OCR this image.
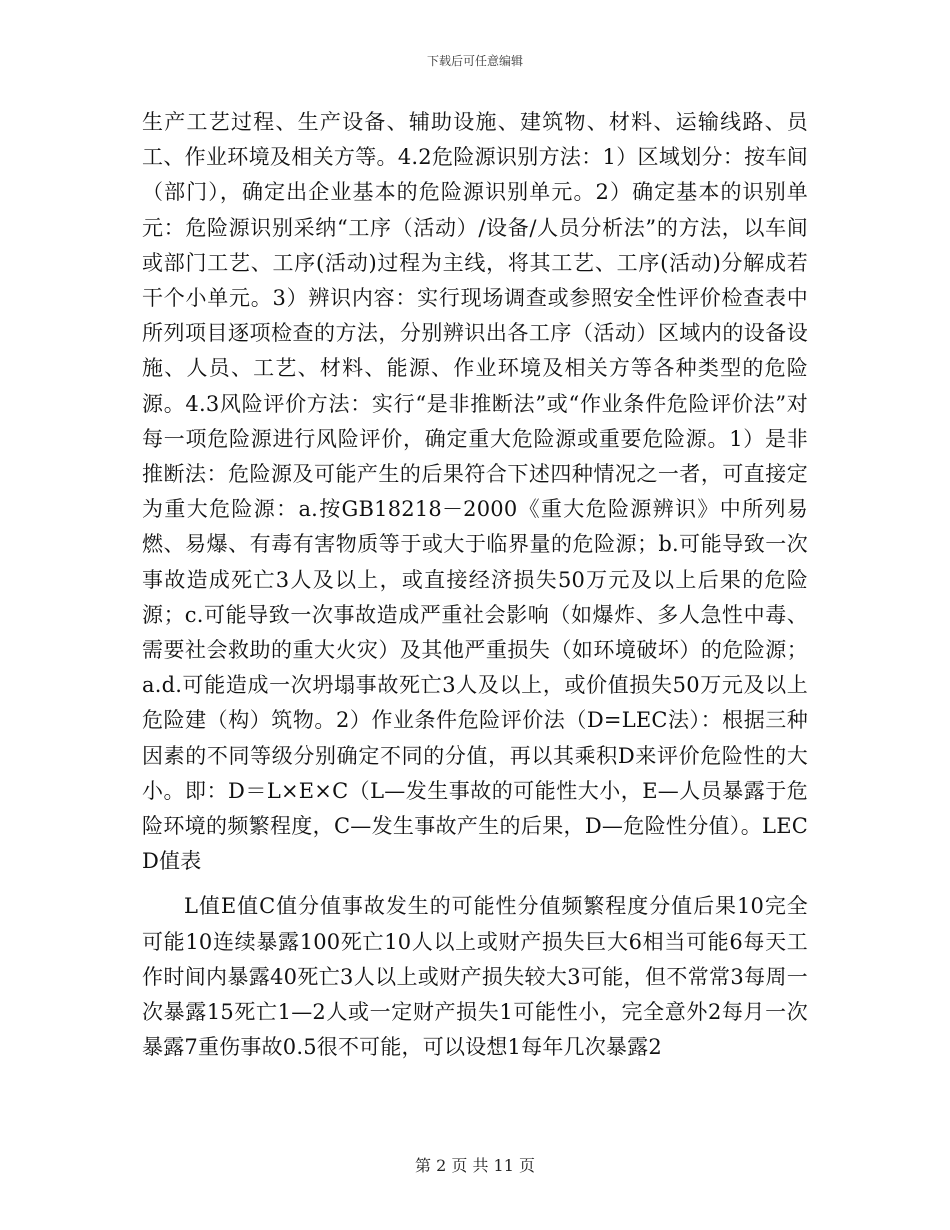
下载后可任意编辑

生产工艺过程、生产设备、辅助设施、建筑物、材料、运输线路、员工、作业环境及相关方等。4.2危险源识别方法：1）区域划分：按车间（部门），确定出企业基本的危险源识别单元。2）确定基本的识别单元：危险源识别采纳“工序（活动）/设备/人员分析法”的方法，以车间或部门工艺、工序(活动)过程为主线，将其工艺、工序(活动)分解成若干个小单元。3）辨识内容：实行现场调查或参照安全性评价检查表中所列项目逐项检查的方法，分别辨识出各工序（活动）区域内的设备设施、人员、工艺、材料、能源、作业环境及相关方等各种类型的危险源。4.3风险评价方法：实行“是非推断法”或“作业条件危险评价法”对每一项危险源进行风险评价，确定重大危险源或重要危险源。1）是非推断法：危险源及可能产生的后果符合下述四种情况之一者，可直接定为重大危险源：a.按GB18218－2000《重大危险源辨识》中所列易燃、易爆、有毒有害物质等于或大于临界量的危险源；b.可能导致一次事故造成死亡3人及以上，或直接经济损失50万元及以上后果的危险源；c.可能导致一次事故造成严重社会影响（如爆炸、多人急性中毒、需要社会救助的重大火灾）及其他严重损失（如环境破坏）的危险源；a.d.可能造成一次坍塌事故死亡3人及以上，或价值损失50万元及以上危险建（构）筑物。2）作业条件危险评价法（D=LEC法）：根据三种因素的不同等级分别确定不同的分值，再以其乘积D来评价危险性的大小。即：D＝L×E×C（L—发生事故的可能性大小，E—人员暴露于危险环境的频繁程度，C—发生事故产生的后果，D—危险性分值）。LECD值表

L值E值C值分值事故发生的可能性分值频繁程度分值后果10完全可能10连续暴露100死亡10人以上或财产损失巨大6相当可能6每天工作时间内暴露40死亡3人以上或财产损失较大3可能，但不常常3每周一次暴露15死亡1—2人或一定财产损失1可能性小，完全意外2每月一次暴露7重伤事故0.5很不可能，可以设想1每年几次暴露2

第 2 页 共 11 页
